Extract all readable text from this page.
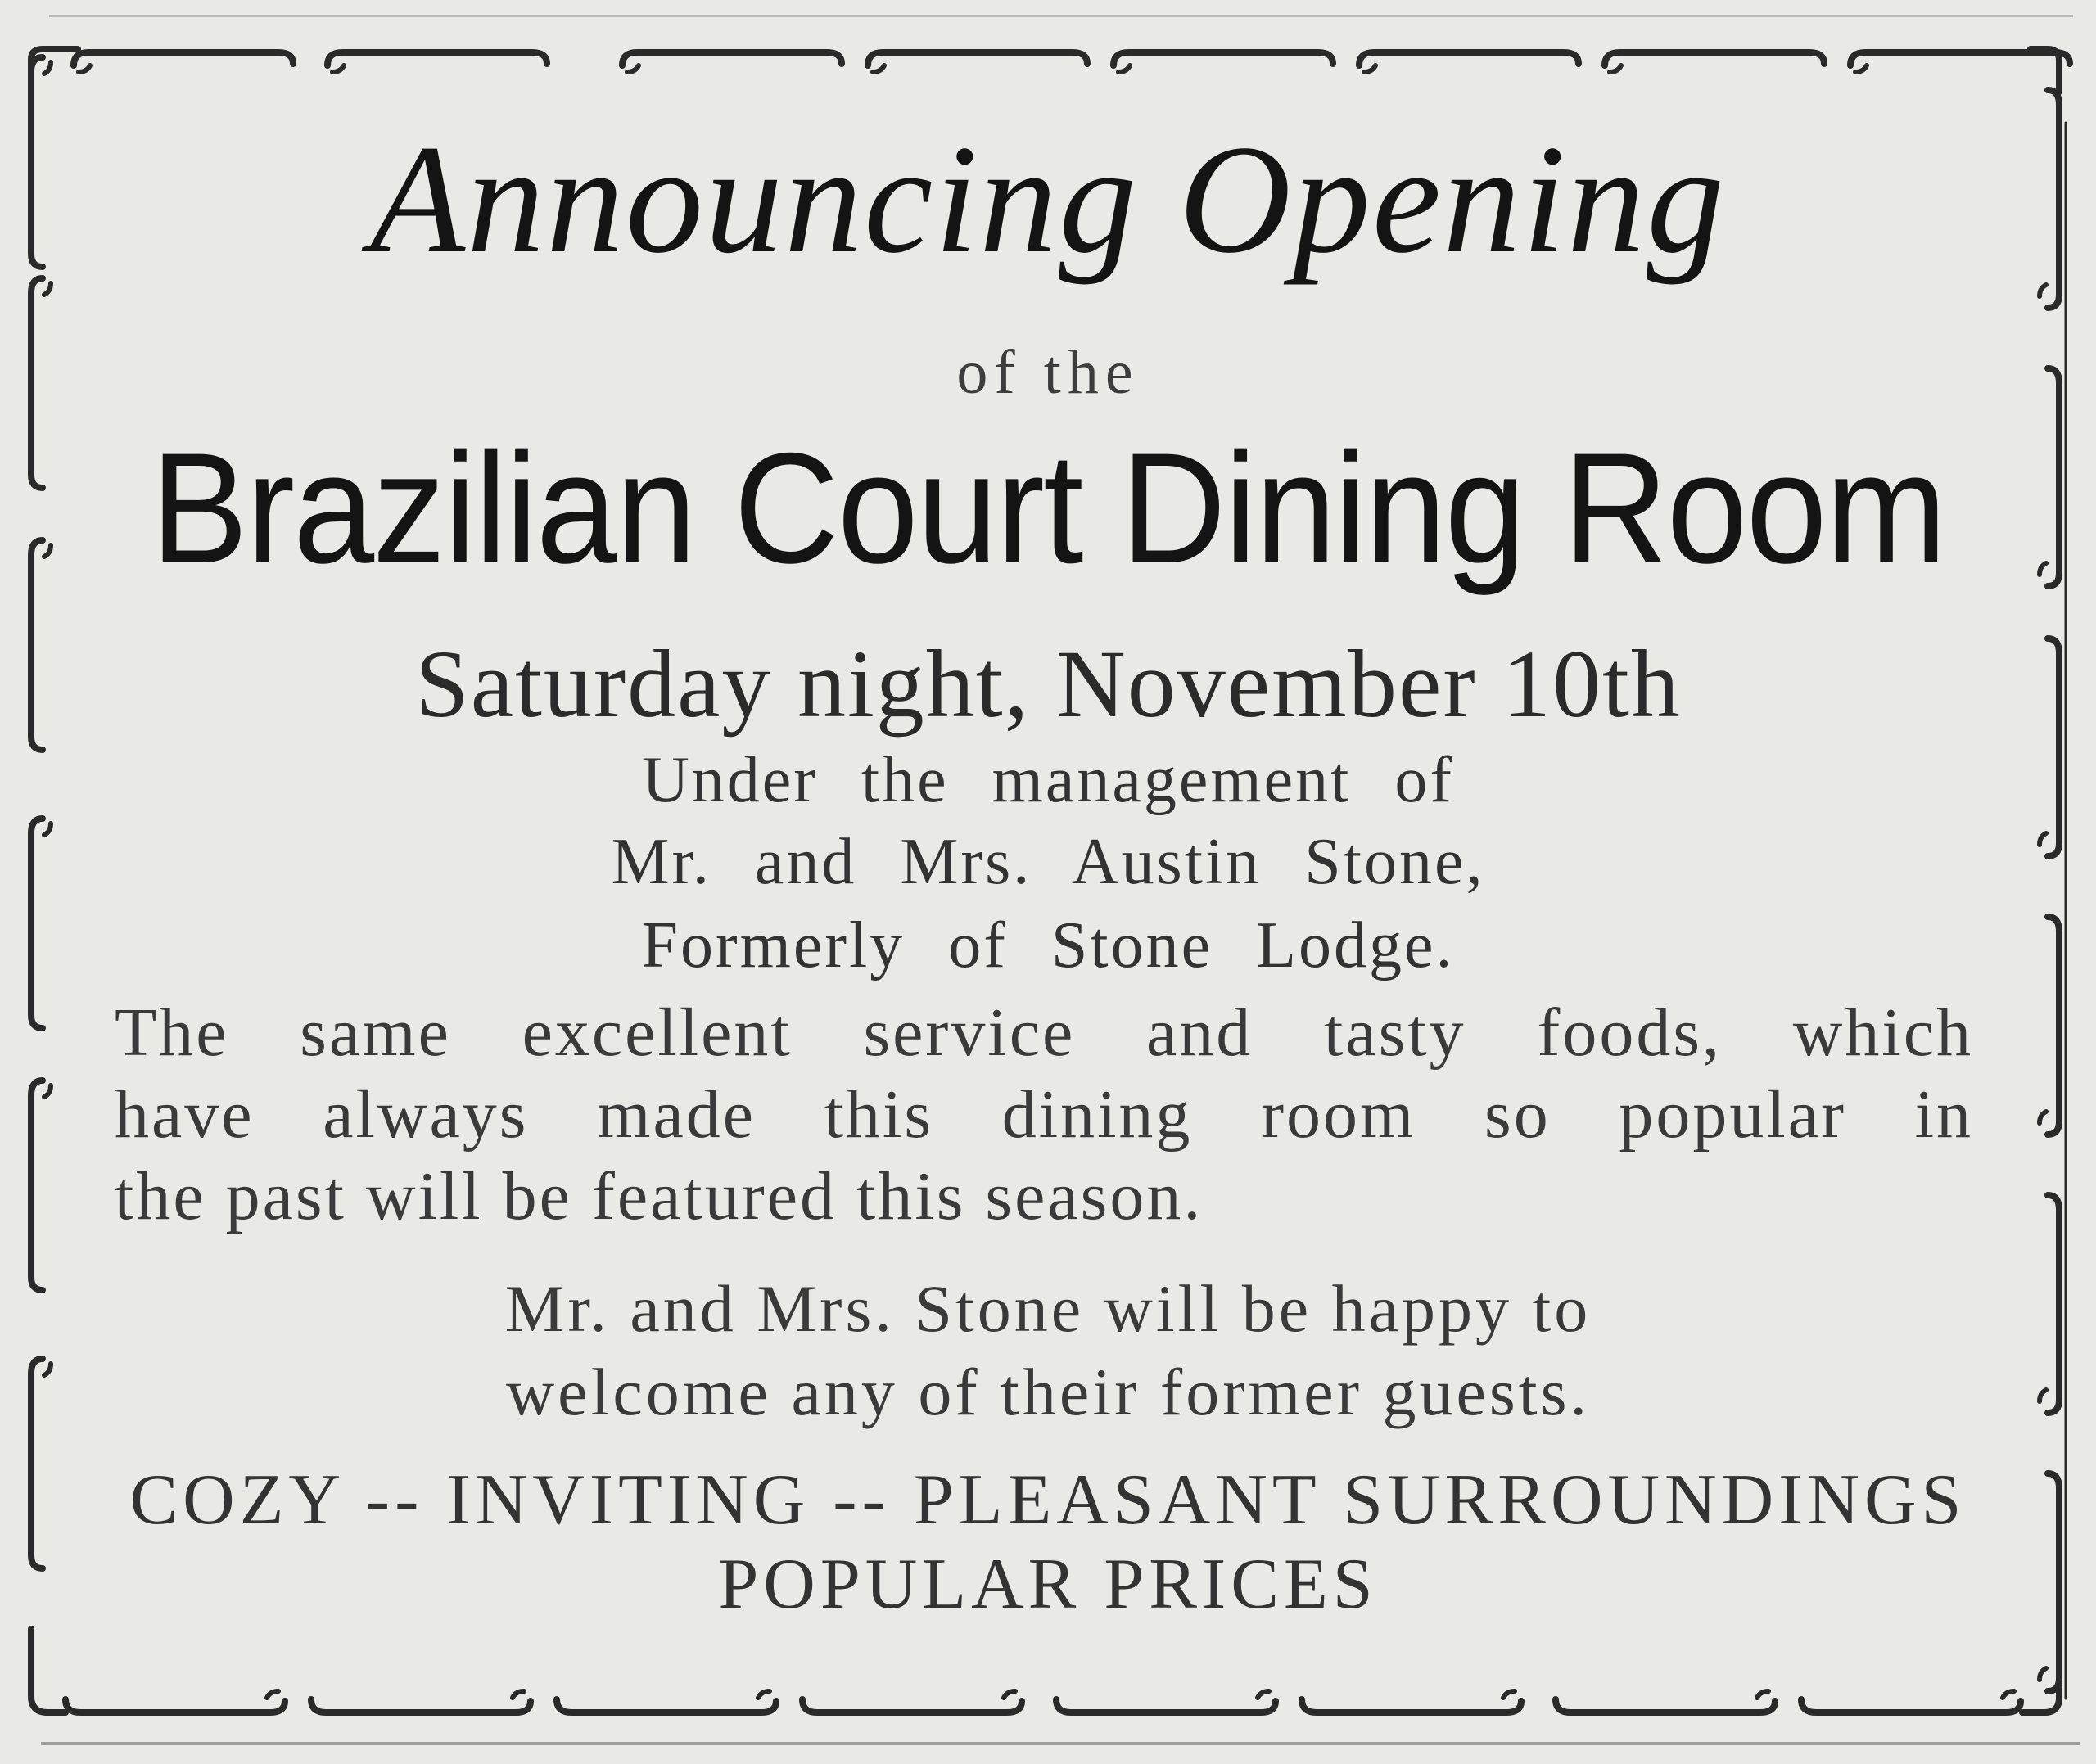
Announcing Opening
of the
Brazilian Court Dining Room
Saturday night, November 10th
Under the management of
Mr. and Mrs. Austin Stone,
Formerly of Stone Lodge.
The same excellent service and tasty foods, which
have always made this dining room so popular in
the past will be featured this season.
Mr. and Mrs. Stone will be happy to
welcome any of their former guests.
COZY -- INVITING -- PLEASANT SURROUNDINGS
POPULAR PRICES
